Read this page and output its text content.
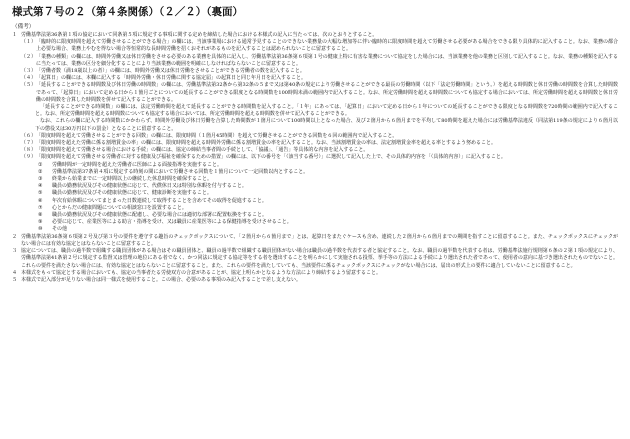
様式第７号の２（第４条関係）（２／２）（裏面）
（備考）
１ 労働基準法第36条第１項の協定において同条第５項に規定する事項に関する定めを締結した場合における本様式の記入に当たっては、次のとおりとすること。
（１） 「臨時的に限度時間を超えて労働させることができる場合」の欄には、当該事業場における通常予見することのできない業務量の大幅な増加等に伴い臨時的に限度時間を超えて労働させる必要がある場合をできる限り具体的に記入すること。なお、業務の都合上必要な場合、業務上やむを得ない場合等恒常的な長時間労働を招くおそれがあるものを記入することは認められないことに留意すること。
（２） 「業務の種類」の欄には、時間外労働又は休日労働をさせる必要のある業務を具体的に記入し、労働基準法第36条第６項第１号の健康上特に有害な業務について協定をした場合には、当該業務を他の業務と区別して記入すること。なお、業務の種類を記入するに当たっては、業務の区分を細分化することにより当該業務の範囲を明確にしなければならないことに留意すること。
（３） 「労働者数（満18歳以上の者）」の欄には、時間外労働又は休日労働をさせることができる労働者の数を記入すること。
（４） 「起算日」の欄には、本欄に記入する「時間外労働・休日労働に関する協定届」の起算日と同じ年月日を記入すること。
（５） 「延長することができる時間数及び休日労働の時間数」の欄には、労働基準法第32条から第32条の５まで又は第40条の規定により労働させることができる最長の労働時間（以下「法定労働時間」という。）を超える時間数と休日労働の時間数を合算した時間数であって、「起算日」において定める日から１箇月ごとについての延長することができる限度となる時間数を100時間未満の範囲内で記入すること。なお、所定労働時間を超える時間数についても協定する場合においては、所定労働時間を超える時間数と休日労働の時間数を合算した時間数を併せて記入することができる。
「延長することができる時間数」の欄には、法定労働時間を超えて延長することができる時間数を記入すること。「１年」にあっては、「起算日」において定める日から１年についての延長することができる限度となる時間数を720時間の範囲内で記入すること。なお、所定労働時間を超える時間数についても協定する場合においては、所定労働時間を超える時間数を併せて記入することができる。
なお、これらの欄に記入する時間数にかかわらず、時間外労働及び休日労働を合算した時間数が１箇月について100時間以上となった場合、及び２箇月から６箇月までを平均して80時間を超えた場合には労働基準法違反（同法第119条の規定により６箇月以下の懲役又は30万円以下の罰金）となることに留意すること。
（６） 「限度時間を超えて労働させることができる回数」の欄には、限度時間（１箇月45時間）を超えて労働させることができる回数を６回の範囲内で記入すること。
（７） 「限度時間を超えた労働に係る割増賃金の率」の欄には、限度時間を超える時間外労働に係る割増賃金の率を記入すること。なお、当該割増賃金の率は、法定割増賃金率を超える率とするよう努めること。
（８） 「限度時間を超えて労働させる場合における手続」の欄には、協定の締結当事者間の手続として、「協議」、「通告」等具体的な内容を記入すること。
（９） 「限度時間を超えて労働させる労働者に対する健康及び福祉を確保するための措置」の欄には、以下の番号を「（該当する番号）」に選択して記入した上で、その具体的内容を「（具体的内容）」に記入すること。
①	労働時間が一定時間を超えた労働者に医師による面接指導を実施すること。
②	労働基準法第37条第４項に規定する時刻の間において労働させる回数を１箇月について一定回数以内とすること。
③	終業から始業までに一定時間以上の継続した休息時間を確保すること。
④	職員の勤務状況及びその健康状態に応じて、代償休日又は特別な休暇を付与すること。
⑤	職員の勤務状況及びその健康状態に応じて、健康診断を実施すること。
⑥	年次有給休暇についてまとまった日数連続して取得することを含めてその取得を促進すること。
⑦	心とからだの健康問題についての相談窓口を設置すること。
⑧	職員の勤務状況及びその健康状態に配慮し、必要な場合には適切な部署に配置転換をすること。
⑨	必要に応じて、産業医等による助言・指導を受け、又は職員に産業医等による保健指導を受けさせること。
⑩	その他
２ 労働基準法第36条第６項第２号及び第３号の要件を遵守する趣旨のチェックボックスについて、「２箇月から６箇月まで」とは、起算日をまたぐケースも含め、連続した２箇月から６箇月までの期間を指すことに留意すること。また、チェックボックスにチェックがない場合には有効な協定とはならないことに留意すること。
３ 協定については、職員の過半数で組織する職員団体がある場合はその職員団体と、職員の過半数で組織する職員団体がない場合は職員の過半数を代表する者と協定すること。なお、職員の過半数を代表する者は、労働基準法施行規則第６条の２第１項の規定により、労働基準法第41条第２号に規定する監督又は管理の地位にある者でなく、かつ同法に規定する協定等をする者を選出することを明らかにして実施される投票、挙手等の方法による手続により選出された者であって、使用者の意向に基づき選出されたものでないこと。これらの要件を満たさない場合には、有効な協定とはならないことに留意すること。また、これらの要件を満たしていても、当該要件に係るチェックボックスにチェックがない場合には、届出の形式上の要件に適合していないことに留意すること。
４ 本様式をもって協定とする場合においても、協定の当事者たる労使双方の合意があることが、協定上明らかとなるような方法により締結するよう留意すること。
５ 本様式で記入部分が足りない場合は同一様式を使用すること。この場合、必要のある事項のみ記入することで差し支えない。
